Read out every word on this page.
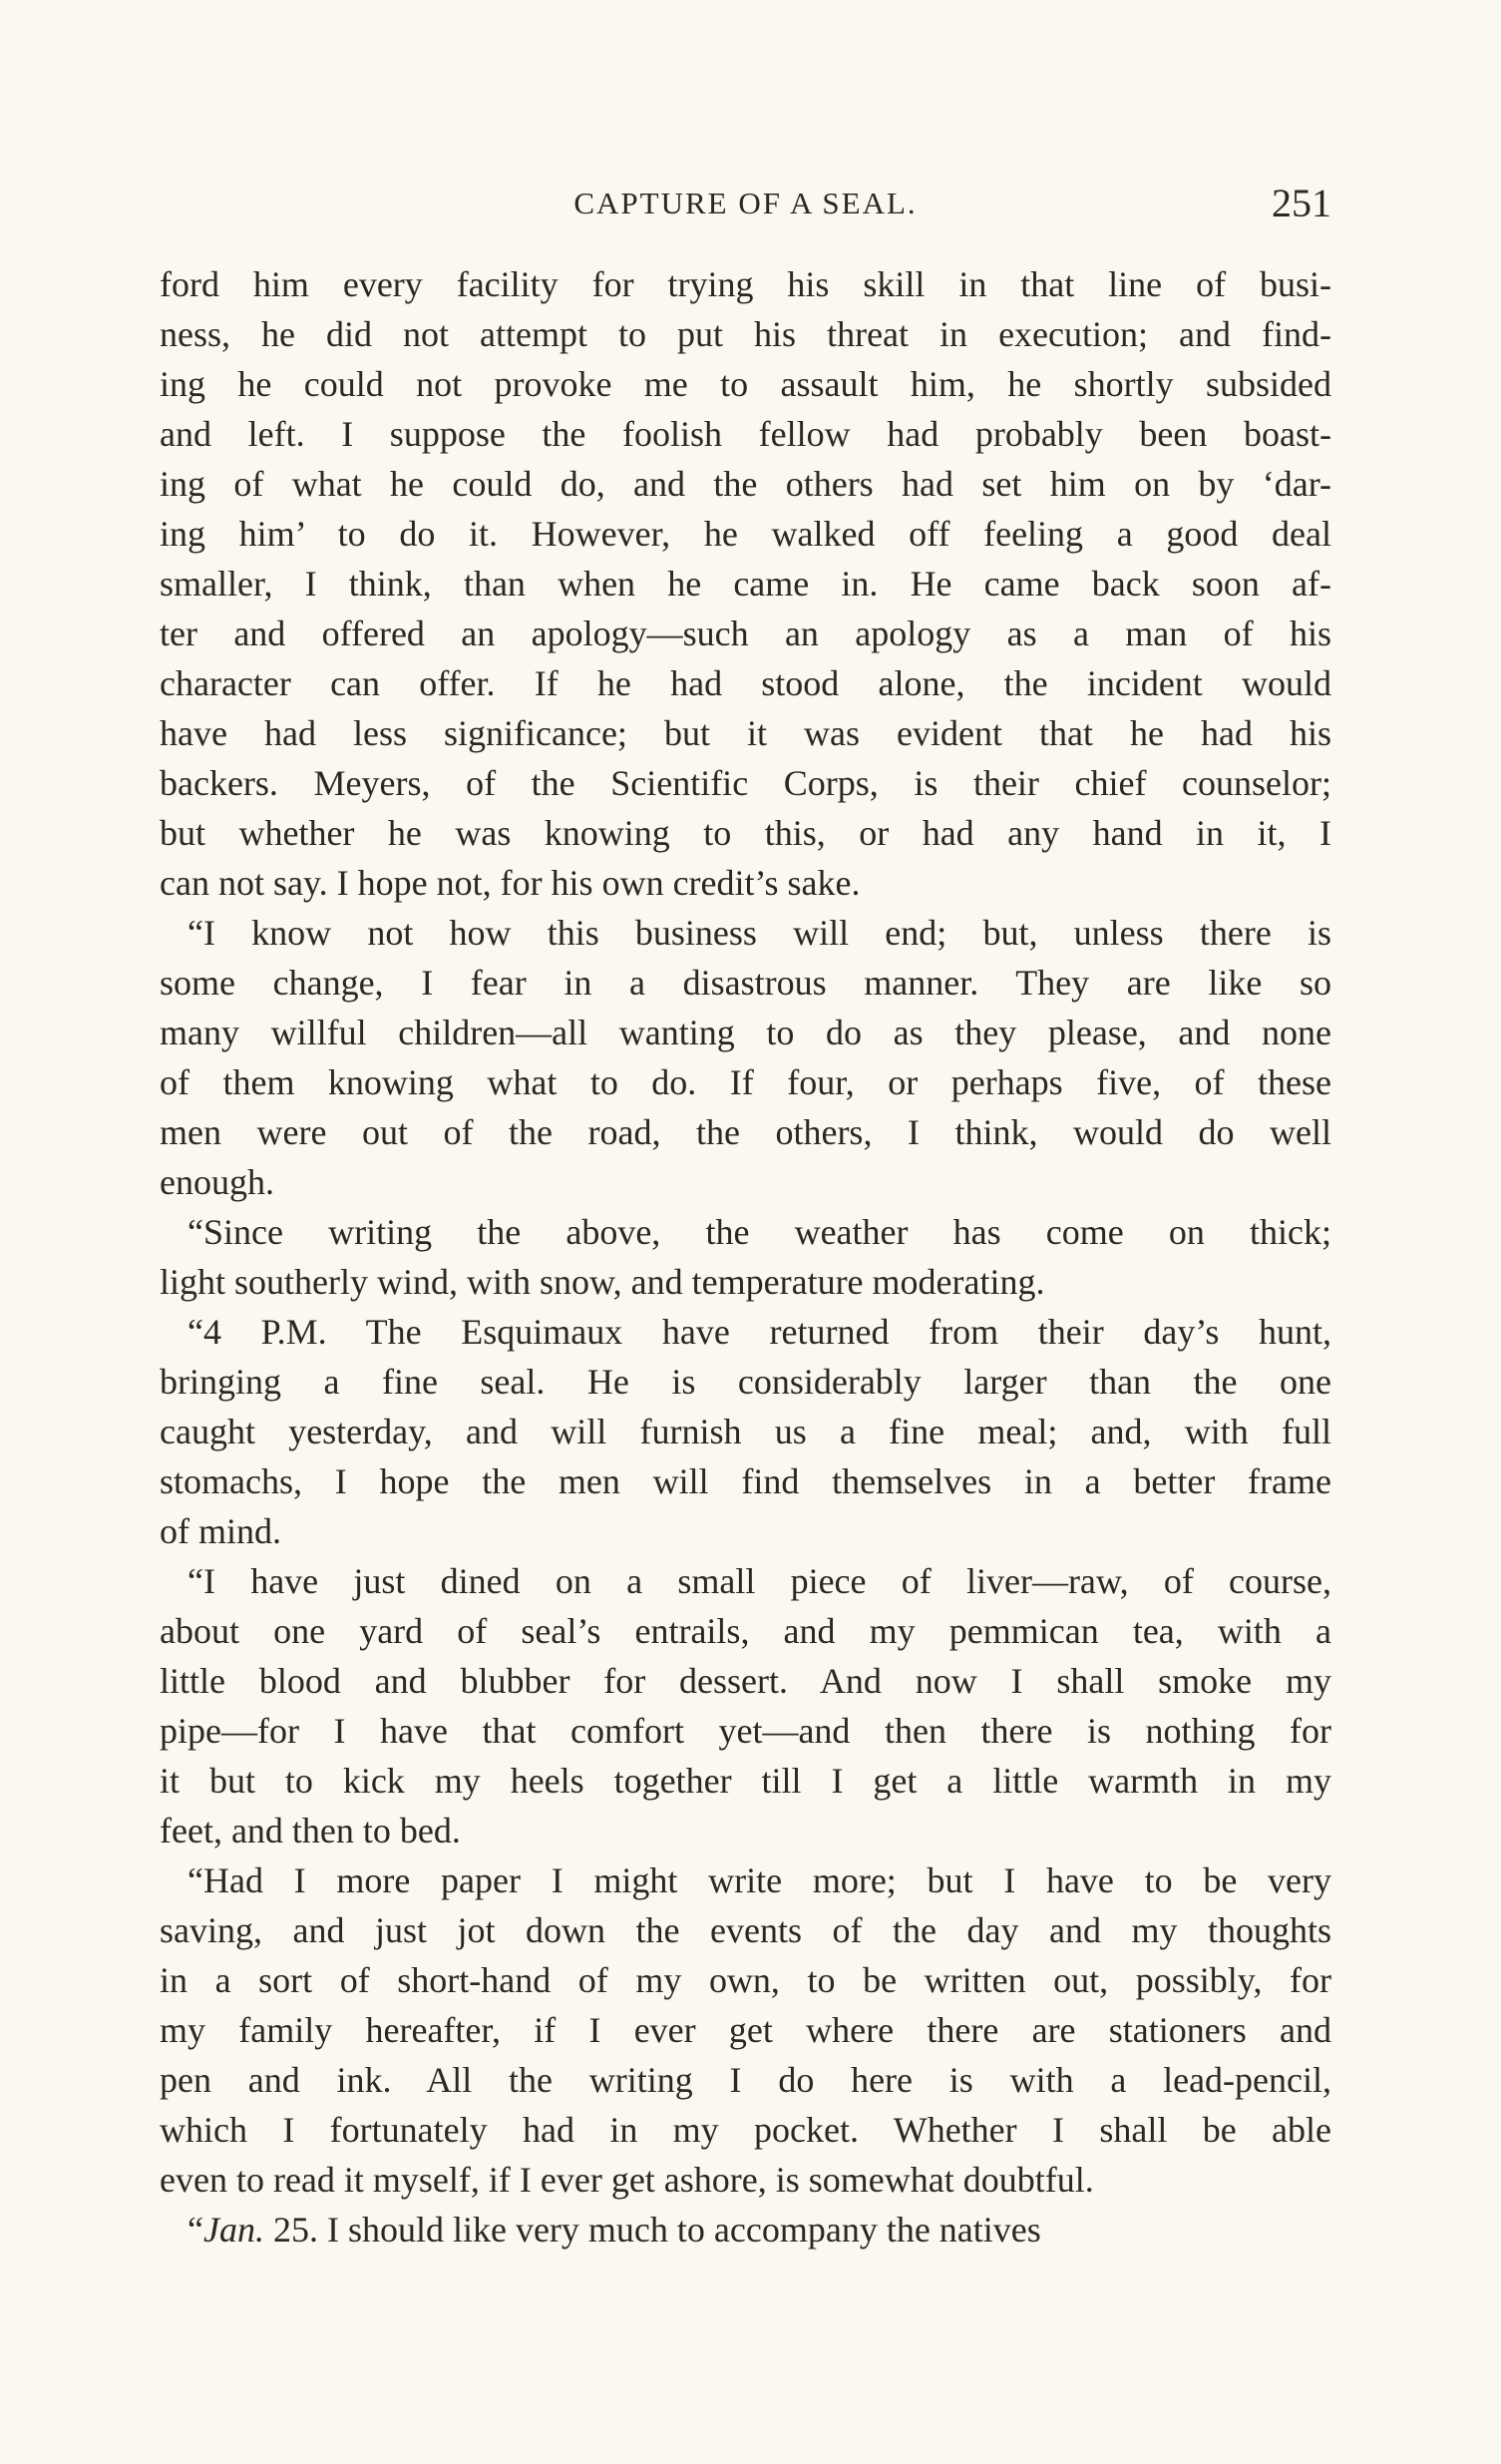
CAPTURE OF A SEAL.	251

ford him every facility for trying his skill in that line of busi-

ness, he did not attempt to put his threat in execution; and find-

ing he could not provoke me to assault him, he shortly subsided

and left. I suppose the foolish fellow had probably been boast-

ing of what he could do, and the others had set him on by ‘dar-

ing him’ to do it. However, he walked off feeling a good deal

smaller, I think, than when he came in. He came back soon af-

ter and offered an apology—such an apology as a man of his

character can offer. If he had stood alone, the incident would

have had less significance; but it was evident that he had his

backers. Meyers, of the Scientific Corps, is their chief counselor;

but whether he was knowing to this, or had any hand in it, I

can not say. I hope not, for his own credit’s sake.

“I know not how this business will end; but, unless there is

some change, I fear in a disastrous manner. They are like so

many willful children—all wanting to do as they please, and none

of them knowing what to do. If four, or perhaps five, of these

men were out of the road, the others, I think, would do well

enough.

“Since writing the above, the weather has come on thick;

light southerly wind, with snow, and temperature moderating.

“4 P.M. The Esquimaux have returned from their day’s hunt,

bringing a fine seal. He is considerably larger than the one

caught yesterday, and will furnish us a fine meal; and, with full

stomachs, I hope the men will find themselves in a better frame

of mind.

“I have just dined on a small piece of liver—raw, of course,

about one yard of seal’s entrails, and my pemmican tea, with a

little blood and blubber for dessert. And now I shall smoke my

pipe—for I have that comfort yet—and then there is nothing for

it but to kick my heels together till I get a little warmth in my

feet, and then to bed.

“Had I more paper I might write more; but I have to be very

saving, and just jot down the events of the day and my thoughts

in a sort of short-hand of my own, to be written out, possibly, for

my family hereafter, if I ever get where there are stationers and

pen and ink. All the writing I do here is with a lead-pencil,

which I fortunately had in my pocket. Whether I shall be able

even to read it myself, if I ever get ashore, is somewhat doubtful.

“Jan. 25. I should like very much to accompany the natives
